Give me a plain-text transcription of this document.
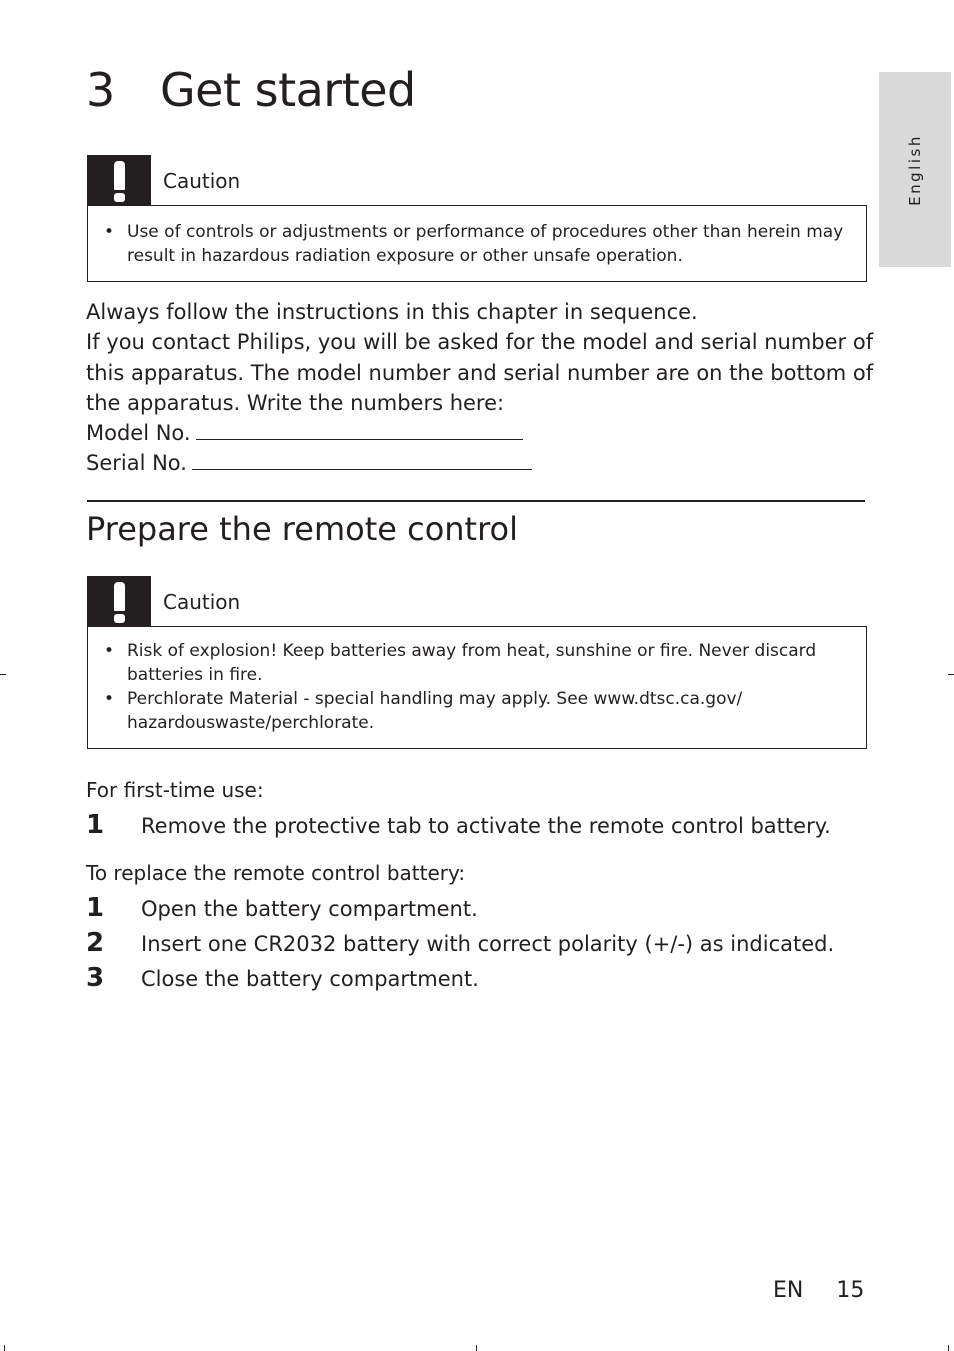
3 Get started
English
Caution
• Use of controls or adjustments or performance of procedures other than herein may result in hazardous radiation exposure or other unsafe operation.

Always follow the instructions in this chapter in sequence.

If you contact Philips, you will be asked for the model and serial number of this apparatus. The model number and serial number are on the bottom of the apparatus. Write the numbers here:

Model No.

Serial No.

Prepare the remote control
Caution
• Risk of explosion! Keep batteries away from heat, sunshine or fire. Never discard batteries in fire.
• Perchlorate Material - special handling may apply. See www.dtsc.ca.gov/ hazardouswaste/perchlorate.
For first-time use:
1 Remove the protective tab to activate the remote control battery.
To replace the remote control battery:
1 Open the battery compartment.
2 Insert one CR2032 battery with correct polarity (+/-) as indicated.
3 Close the battery compartment.
EN 15
